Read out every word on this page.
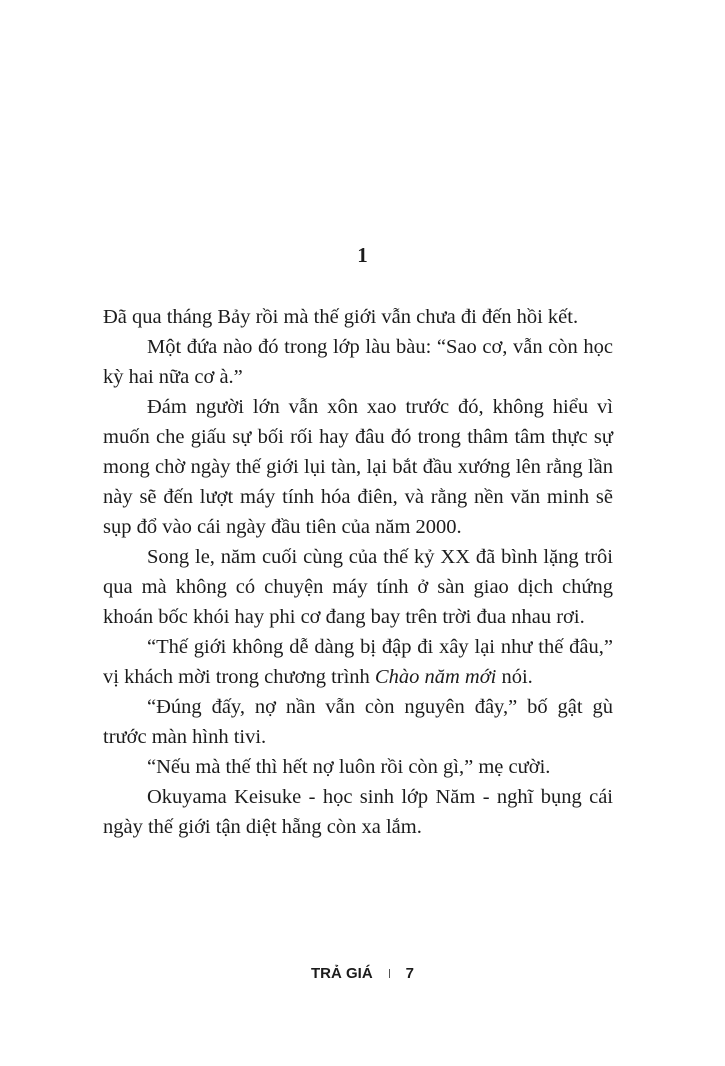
1

Đã qua tháng Bảy rồi mà thế giới vẫn chưa đi đến hồi kết.

Một đứa nào đó trong lớp làu bàu: “Sao cơ, vẫn còn học kỳ hai nữa cơ à.”

Đám người lớn vẫn xôn xao trước đó, không hiểu vì muốn che giấu sự bối rối hay đâu đó trong thâm tâm thực sự mong chờ ngày thế giới lụi tàn, lại bắt đầu xướng lên rằng lần này sẽ đến lượt máy tính hóa điên, và rằng nền văn minh sẽ sụp đổ vào cái ngày đầu tiên của năm 2000.

Song le, năm cuối cùng của thế kỷ XX đã bình lặng trôi qua mà không có chuyện máy tính ở sàn giao dịch chứng khoán bốc khói hay phi cơ đang bay trên trời đua nhau rơi.

“Thế giới không dễ dàng bị đập đi xây lại như thế đâu,” vị khách mời trong chương trình Chào năm mới nói.

“Đúng đấy, nợ nần vẫn còn nguyên đây,” bố gật gù trước màn hình tivi.

“Nếu mà thế thì hết nợ luôn rồi còn gì,” mẹ cười.

Okuyama Keisuke - học sinh lớp Năm - nghĩ bụng cái ngày thế giới tận diệt hẵng còn xa lắm.

TRẢ GIÁ 7
